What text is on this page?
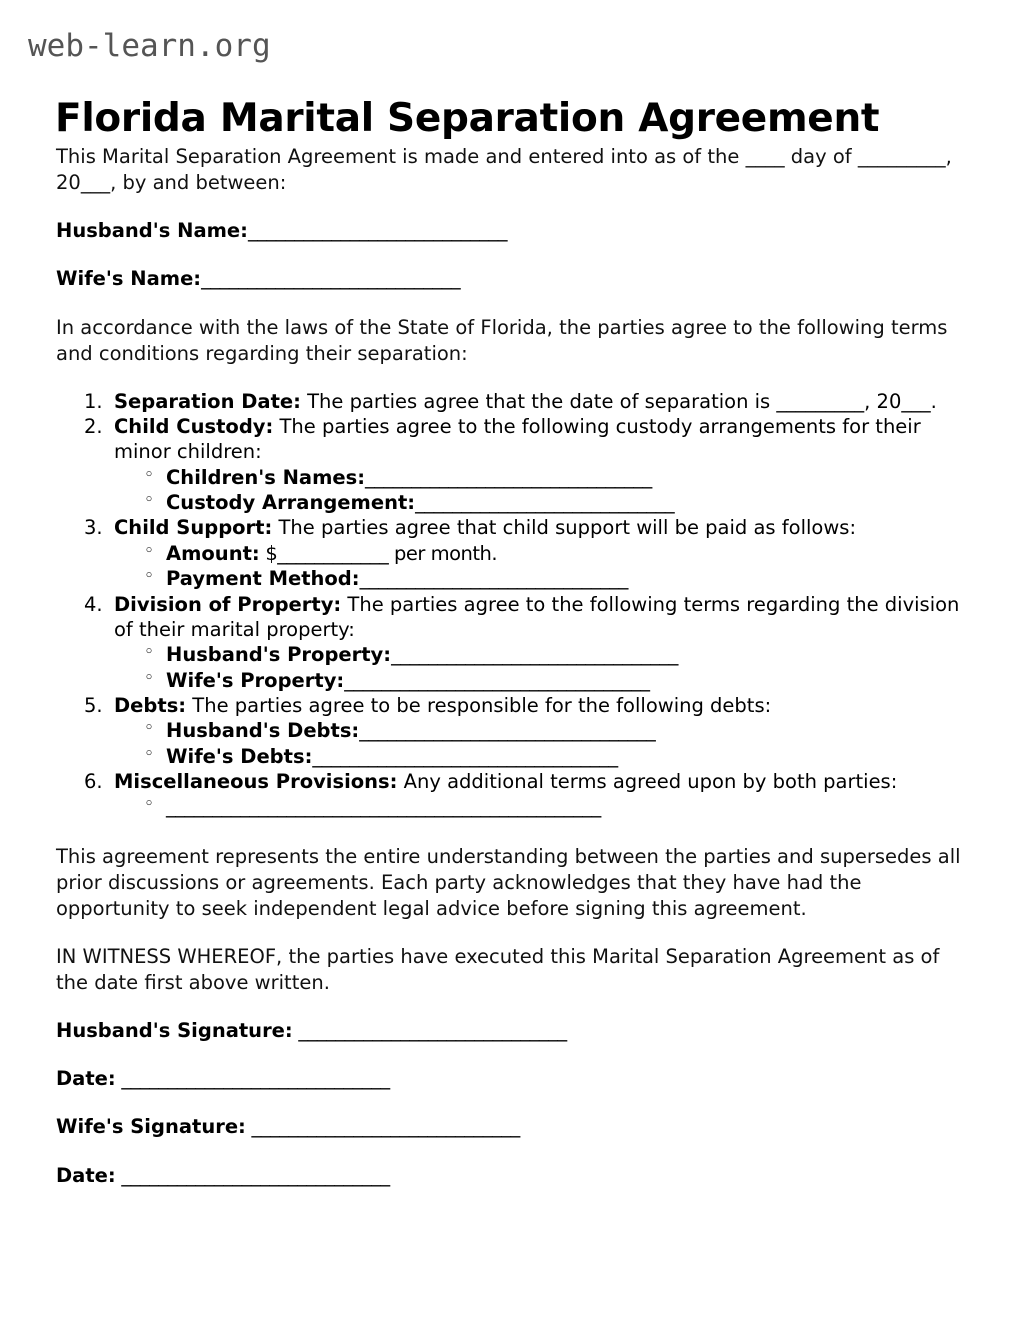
web-learn.org
Florida Marital Separation Agreement

This Marital Separation Agreement is made and entered into as of the ____ day of _________, 20___, by and between:

Husband's Name:____________________________

Wife's Name:____________________________

In accordance with the laws of the State of Florida, the parties agree to the following terms and conditions regarding their separation:

Separation Date: The parties agree that the date of separation is _________, 20___.
Child Custody: The parties agree to the following custody arrangements for their minor children:
◦ Children's Names:_______________________________
◦ Custody Arrangement:____________________________
Child Support: The parties agree that child support will be paid as follows:
◦ Amount: $____________ per month.
◦ Payment Method:_____________________________
Division of Property: The parties agree to the following terms regarding the division of their marital property:
◦ Husband's Property:_______________________________
◦ Wife's Property:_________________________________
Debts: The parties agree to be responsible for the following debts:
◦ Husband's Debts:________________________________
◦ Wife's Debts:_________________________________
Miscellaneous Provisions: Any additional terms agreed upon by both parties:
◦ _______________________________________________

This agreement represents the entire understanding between the parties and supersedes all prior discussions or agreements. Each party acknowledges that they have had the opportunity to seek independent legal advice before signing this agreement.

IN WITNESS WHEREOF, the parties have executed this Marital Separation Agreement as of the date first above written.

Husband's Signature: _____________________________

Date: _____________________________

Wife's Signature: _____________________________

Date: _____________________________
